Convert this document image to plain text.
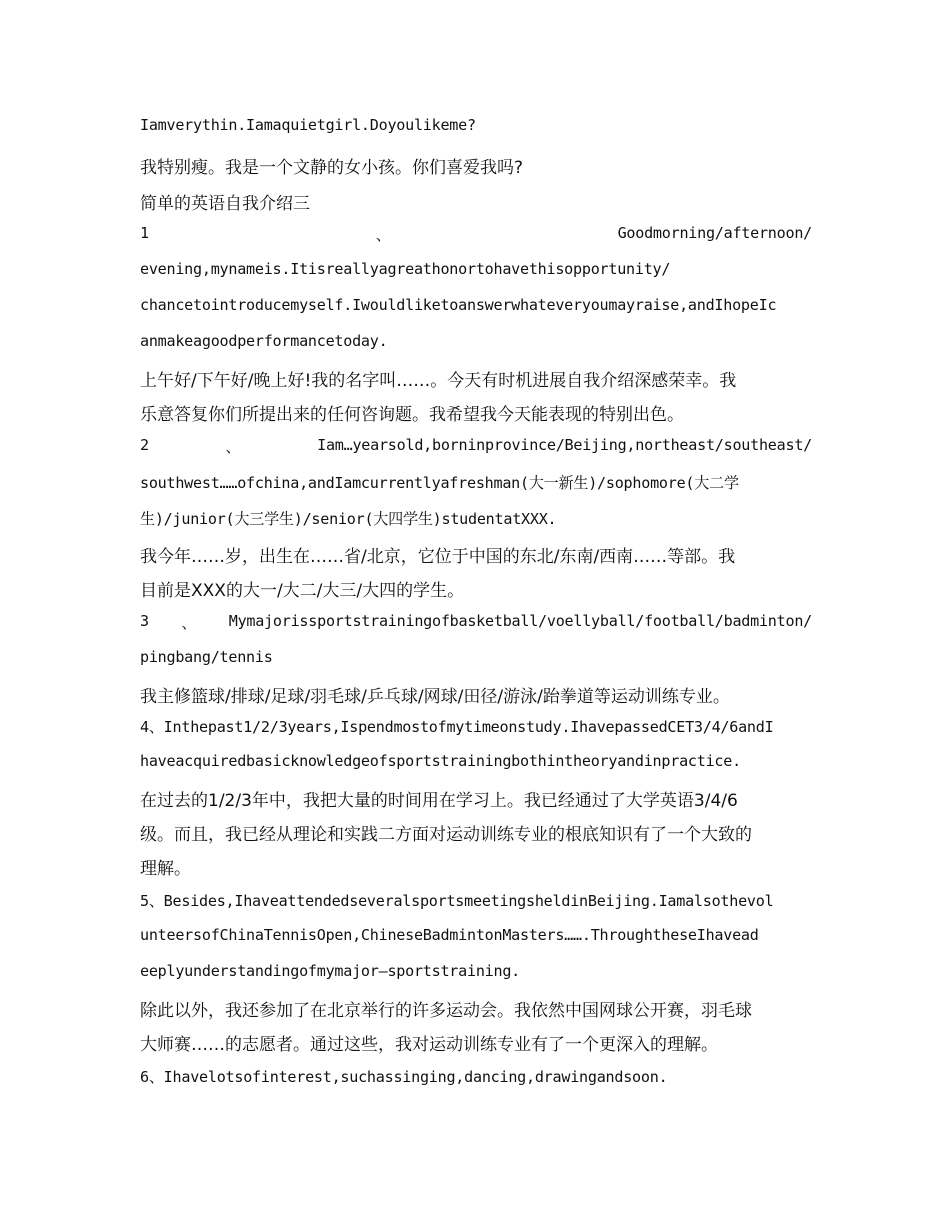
Iamverythin.Iamaquietgirl.Doyoulikeme?
我特别瘦。我是一个文静的女小孩。你们喜爱我吗?
简单的英语自我介绍三
1	、	Goodmorning/afternoon/
evening,mynameis.Itisreallyagreathonortohavethisopportunity/
chancetointroducemyself.Iwouldliketoanswerwhateveryoumayraise,andIhopeIc
anmakeagoodperformancetoday.
上午好/下午好/晚上好!我的名字叫……。今天有时机进展自我介绍深感荣幸。我
乐意答复你们所提出来的任何咨询题。我希望我今天能表现的特别出色。
2	、	Iam…yearsold,borninprovince/Beijing,northeast/southeast/
southwest……ofchina,andIamcurrentlyafreshman(大一新生)/sophomore(大二学
生)/junior(大三学生)/senior(大四学生)studentatXXX.
我今年……岁，出生在……省/北京，它位于中国的东北/东南/西南……等部。我
目前是XXX的大一/大二/大三/大四的学生。
3 、 Mymajorissportstrainingofbasketball/voellyball/football/badminton/
pingbang/tennis
我主修篮球/排球/足球/羽毛球/乒乓球/网球/田径/游泳/跆拳道等运动训练专业。
4、Inthepast1/2/3years,Ispendmostofmytimeonstudy.IhavepassedCET3/4/6andI
haveacquiredbasicknowledgeofsportstrainingbothintheoryandinpractice.
在过去的1/2/3年中，我把大量的时间用在学习上。我已经通过了大学英语3/4/6
级。而且，我已经从理论和实践二方面对运动训练专业的根底知识有了一个大致的
理解。
5、Besides,IhaveattendedseveralsportsmeetingsheldinBeijing.Iamalsothevol
unteersofChinaTennisOpen,ChineseBadmintonMasters…….ThroughtheseIhavead
eeplyunderstandingofmymajor—sportstraining.
除此以外，我还参加了在北京举行的许多运动会。我依然中国网球公开赛，羽毛球
大师赛……的志愿者。通过这些，我对运动训练专业有了一个更深入的理解。
6、Ihavelotsofinterest,suchassinging,dancing,drawingandsoon.
